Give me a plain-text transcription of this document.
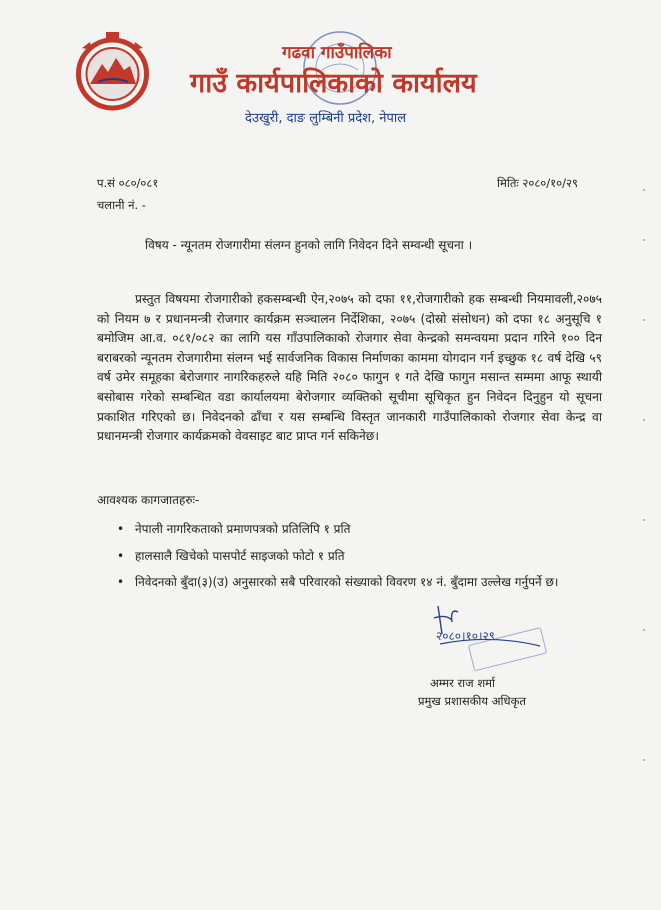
गढवा गाउँपालिका
गाउँ कार्यपालिकाको कार्यालय
देउखुरी, दाङ लुम्बिनी प्रदेश, नेपाल
प.सं ०८०/०८१
चलानी नं. -
मितिः २०८०/१०/२९
विषय - न्यूनतम रोजगारीमा संलग्न हुनको लागि निवेदन दिने सम्वन्धी सूचना ।
प्रस्तुत विषयमा रोजगारीको हकसम्बन्धी ऐन,२०७५ को दफा ११,रोजगारीको हक सम्बन्धी नियमावली,२०७५ को नियम ७ र प्रधानमन्त्री रोजगार कार्यक्रम सञ्चालन निर्देशिका, २०७५ (दोस्रो संसोधन) को दफा १८ अनुसूचि १ बमोजिम आ.व. ०८१/०८२ का लागि यस गाँउपालिकाको रोजगार सेवा केन्द्रको समन्वयमा प्रदान गरिने १०० दिन बराबरको न्यूनतम रोजगारीमा संलग्न भई सार्वजनिक विकास निर्माणका काममा योगदान गर्न इच्छुक १८ वर्ष देखि ५९ वर्ष उमेर समूहका बेरोजगार नागरिकहरुले यहि मिति २०८० फागुन १ गते देखि फागुन मसान्त सम्ममा आफू स्थायी बसोबास गरेको सम्बन्धित वडा कार्यालयमा बेरोजगार व्यक्तिको सूचीमा सूचिकृत हुन निवेदन दिनुहुन यो सूचना प्रकाशित गरिएको छ। निवेदनको ढाँचा र यस सम्बन्धि विस्तृत जानकारी गाउँपालिकाको रोजगार सेवा केन्द्र वा प्रधानमन्त्री रोजगार कार्यक्रमको वेवसाइट बाट प्राप्त गर्न सकिनेछ।
आवश्यक कागजातहरुः-
• नेपाली नागरिकताको प्रमाणपत्रको प्रतिलिपि १ प्रति
• हालसालै खिचेको पासपोर्ट साइजको फोटो १ प्रति
• निवेदनको बुँदा(३)(उ) अनुसारको सबै परिवारको संख्याको विवरण १४ नं. बुँदामा उल्लेख गर्नुपर्ने छ।
२०८०।१०।२९
अम्मर राज शर्मा
प्रमुख प्रशासकीय अधिकृत
